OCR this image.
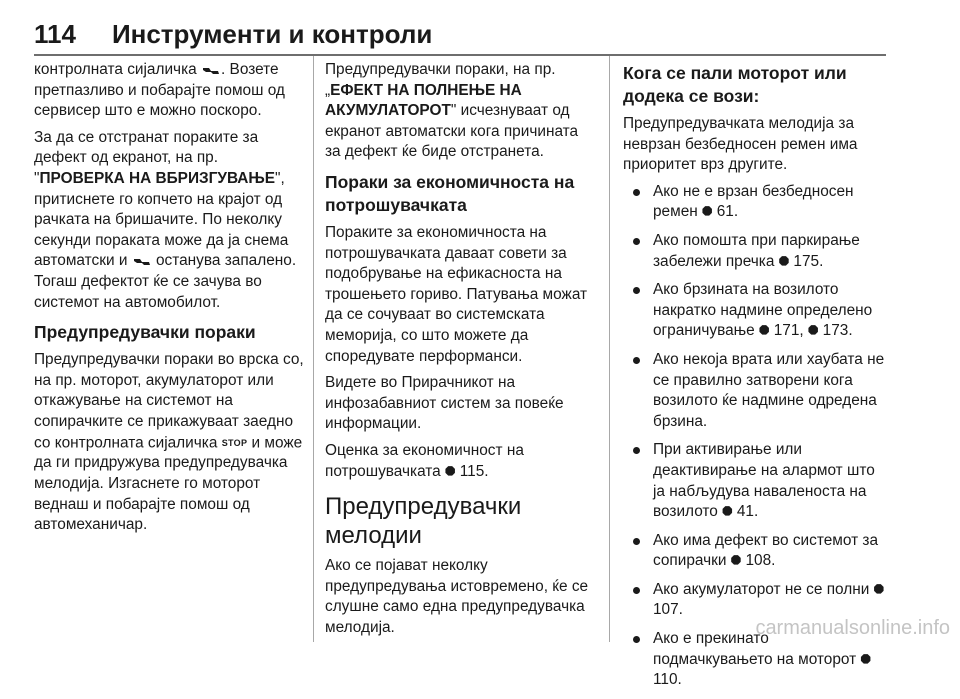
114 Инструменти и контроли

контролната сијаличка . Возете претпазливо и побарајте помош од сервисер што е можно поскоро.

За да се отстранат пораките за дефект од екранот, на пр. "ПРОВЕРКА НА ВБРИЗГУВАЊЕ", притиснете го копчето на крајот од рачката на бришачите. По неколку секунди пораката може да ја снема автоматски и останува запалено. Тогаш дефектот ќе се зачува во системот на автомобилот.

Предупредувачки пораки

Предупредувачки пораки во врска со, на пр. моторот, акумулаторот или откажување на системот на сопирачките се прикажуваат заедно со контролната сијаличка STOP и може да ги придружува предупредувачка мелодија. Изгаснете го моторот веднаш и побарајте помош од автомеханичар.

Предупредувачки пораки, на пр. „ЕФЕКТ НА ПОЛНЕЊЕ НА АКУМУЛАТОРОТ" исчезнуваат од екранот автоматски кога причината за дефект ќе биде отстранета.

Пораки за економичноста на потрошувачката

Пораките за економичноста на потрошувачката даваат совети за подобрување на ефикасноста на трошењето гориво. Патувања можат да се сочуваат во системската меморија, со што можете да споредувате перформанси.

Видете во Прирачникот на инфозабавниот систем за повеќе информации.

Оценка за економичност на потрошувачката ⯃ 115.

Предупредувачки мелодии

Ако се појават неколку предупредувања истовремено, ќе се слушне само една предупредувачка мелодија.

Кога се пали моторот или додека се вози:

Предупредувачката мелодија за неврзан безбедносен ремен има приоритет врз другите.

Ако не е врзан безбедносен ремен ⯃ 61.
Ако помошта при паркирање забележи пречка ⯃ 175.
Ако брзината на возилото накратко надмине определено ограничување ⯃ 171, ⯃ 173.
Ако некоја врата или хаубата не се правилно затворени кога возилото ќе надмине одредена брзина.
При активирање или деактивирање на алармот што ја набљудува наваленоста на возилото ⯃ 41.
Ако има дефект во системот за сопирачки ⯃ 108.
Ако акумулаторот не се полни ⯃ 107.
Ако е прекинато подмачкувањето на моторот ⯃ 110.
carmanualsonline.info
